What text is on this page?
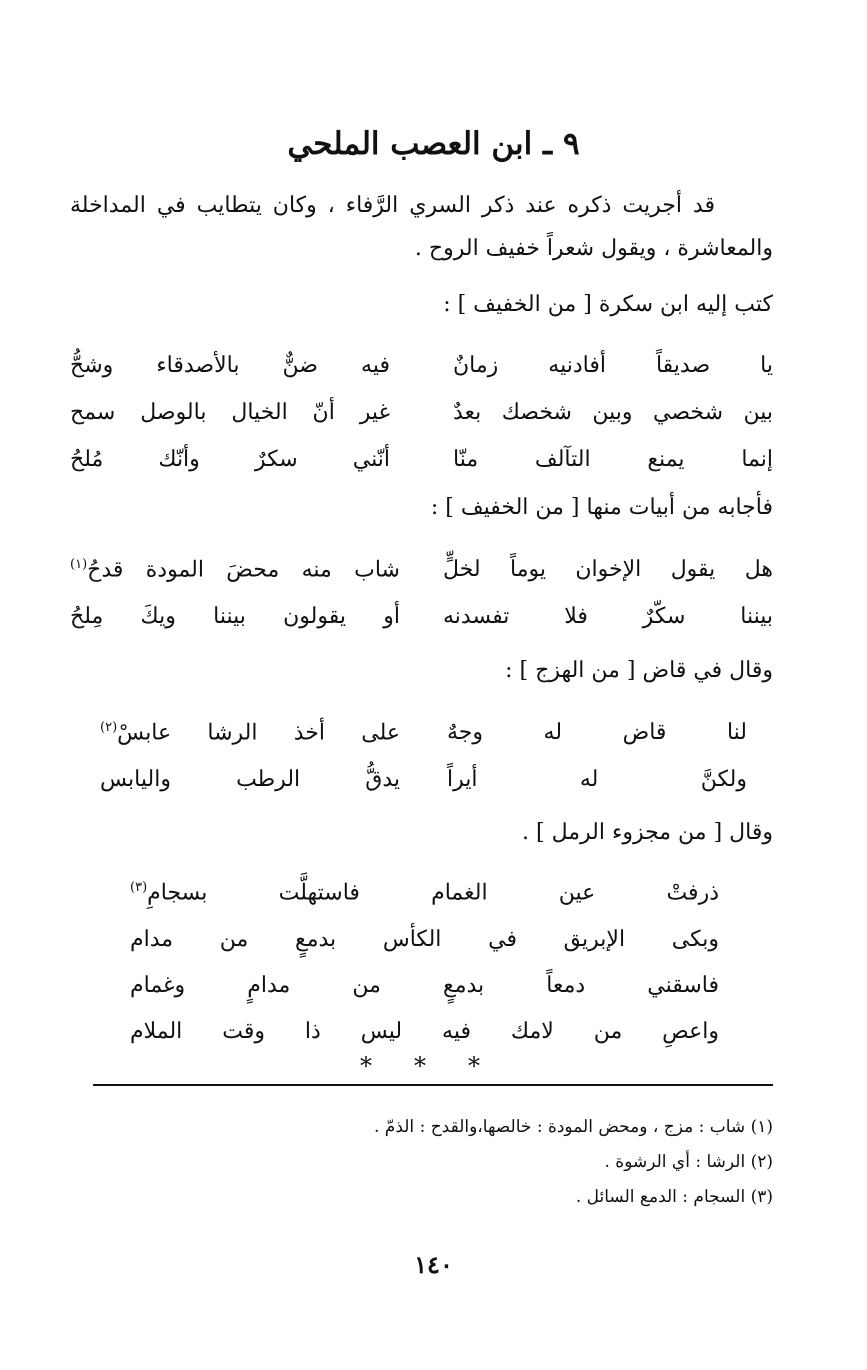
٩ ـ ابن العصب الملحي
قد أجريت ذكره عند ذكر السري الرَّفاء ، وكان يتطايب في المداخلة
والمعاشرة ، ويقول شعراً خفيف الروح .

كتب إليه ابن سكرة [ من الخفيف ] :

يا صديقاً أفادنيه زمانٌ
فيه ضنٌّ بالأصدقاء وشحُّ
بين شخصي وبين شخصك بعدٌ
غير أنّ الخيال بالوصل سمح
إنما يمنع التآلف منّا
أنّني سكرٌ وأنّك مُلحُ

فأجابه من أبيات منها [ من الخفيف ] :

هل يقول الإخوان يوماً لخلٍّ
شاب منه محضَ المودة قدحُ$^{(١)}$
بيننا سكّرٌ فلا تفسدنه
أو يقولون بيننا ويكَ مِلحُ

وقال في قاض [ من الهزج ] :

لنا قاض له وجهٌ
على أخذ الرشا عابسْ$^{(٢)}$
ولكنَّ له أيراً
يدقُّ الرطب واليابس

وقال [ من مجزوء الرمل ] .

ذرفتْ عين الغمام فاستهلَّت بسجامِ$^{(٣)}$
وبكى الإبريق في الكأس بدمعٍ من مدام
فاسقني دمعاً بدمعٍ من مدامٍ وغمام
واعصِ من لامك فيه ليس ذا وقت الملام
* * *
(١) شاب : مزج ، ومحض المودة : خالصها،والقدح : الذمّ .
(٢) الرشا : أي الرشوة .
(٣) السجام : الدمع السائل .
١٤٠
